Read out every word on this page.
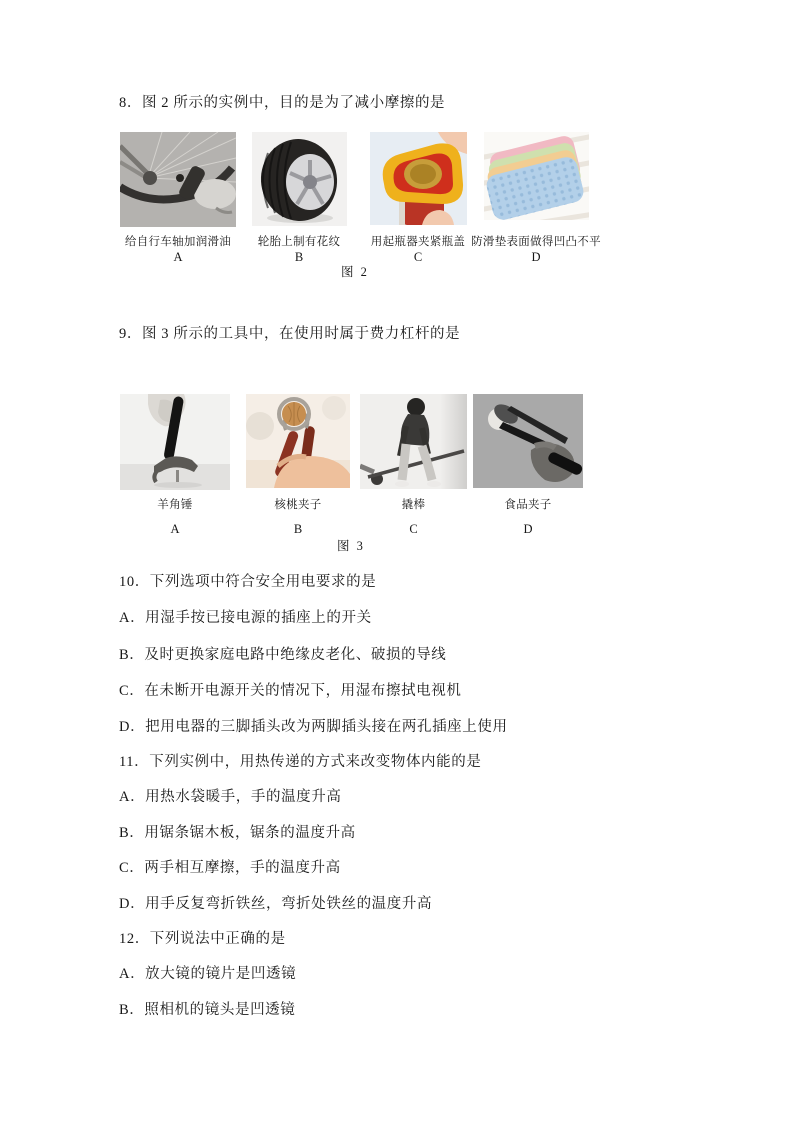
8．图 2 所示的实例中，目的是为了减小摩擦的是
给自行车轴加润滑油
A
轮胎上制有花纹
B
用起瓶器夹紧瓶盖
C
防滑垫表面做得凹凸不平
D
图 2
9．图 3 所示的工具中，在使用时属于费力杠杆的是
羊角锤
A
核桃夹子
B
撬棒
C
食品夹子
D
图 3
10．下列选项中符合安全用电要求的是
A．用湿手按已接电源的插座上的开关
B．及时更换家庭电路中绝缘皮老化、破损的导线
C．在未断开电源开关的情况下，用湿布擦拭电视机
D．把用电器的三脚插头改为两脚插头接在两孔插座上使用
11．下列实例中，用热传递的方式来改变物体内能的是
A．用热水袋暖手，手的温度升高
B．用锯条锯木板，锯条的温度升高
C．两手相互摩擦，手的温度升高
D．用手反复弯折铁丝，弯折处铁丝的温度升高
12．下列说法中正确的是
A．放大镜的镜片是凹透镜
B．照相机的镜头是凹透镜
